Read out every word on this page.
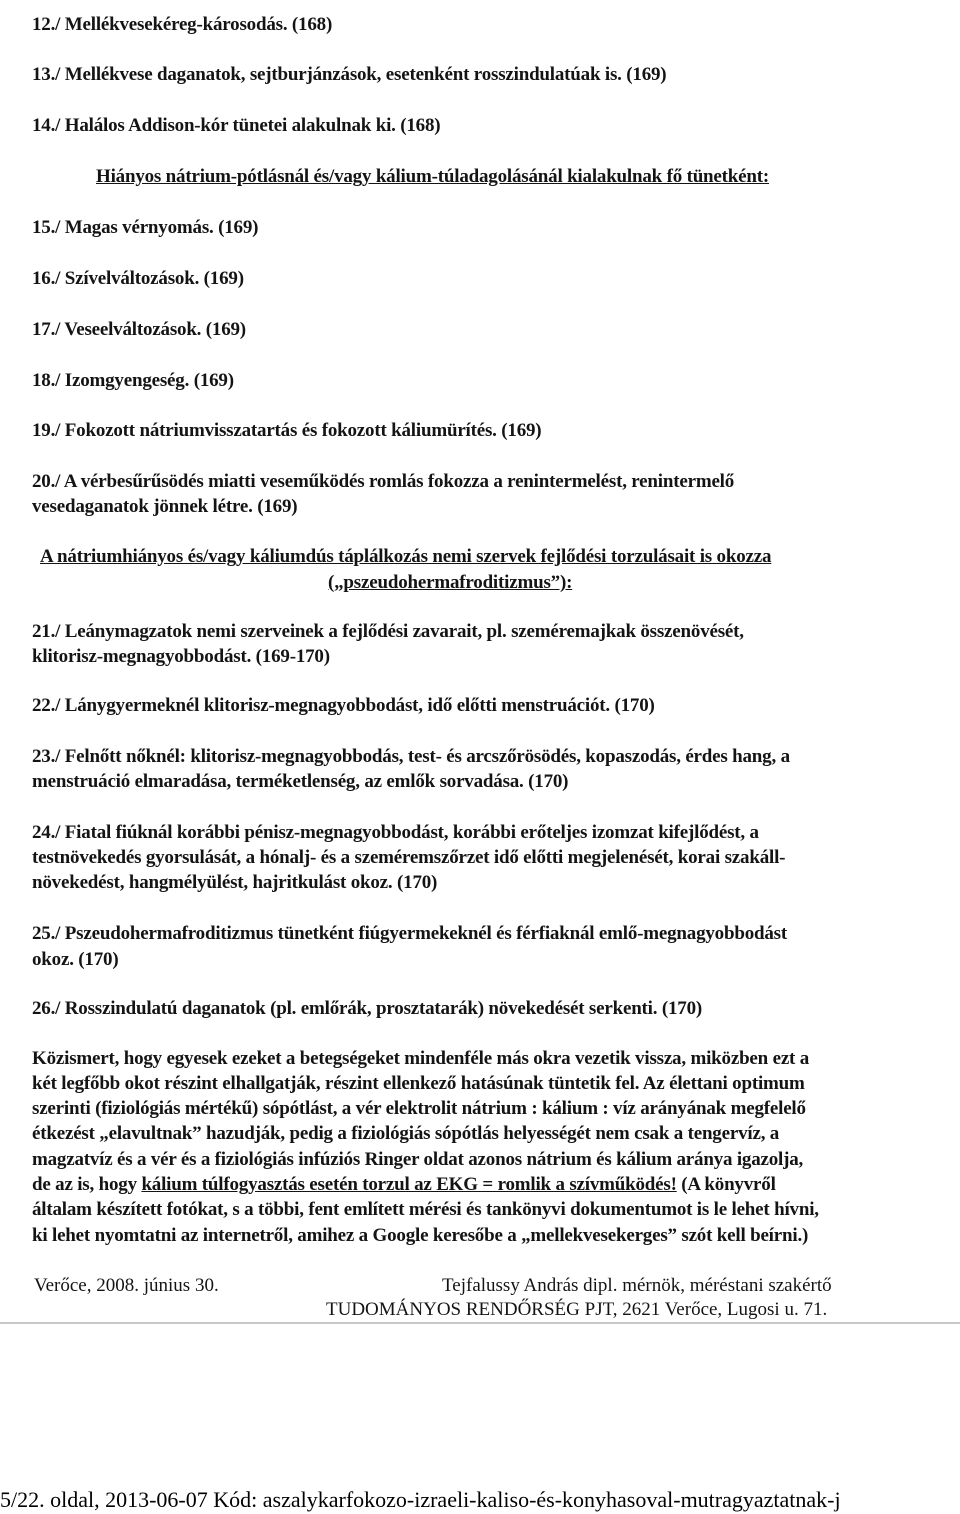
12./ Mellékvesekéreg-károsodás. (168)
13./ Mellékvese daganatok, sejtburjánzások, esetenként rosszindulatúak is. (169)
14./ Halálos Addison-kór tünetei alakulnak ki. (168)
Hiányos nátrium-pótlásnál és/vagy kálium-túladagolásánál kialakulnak fő tünetként:
15./ Magas vérnyomás. (169)
16./ Szívelváltozások. (169)
17./ Veseelváltozások. (169)
18./ Izomgyengeség. (169)
19./ Fokozott nátriumvisszatartás és fokozott káliumürítés. (169)
20./ A vérbesűrűsödés miatti veseműködés romlás fokozza a renintermelést, renintermelő
vesedaganatok jönnek létre. (169)
A nátriumhiányos és/vagy káliumdús táplálkozás nemi szervek fejlődési torzulásait is okozza
(„pszeudohermafroditizmus”):
21./ Leánymagzatok nemi szerveinek a fejlődési zavarait, pl. szeméremajkak összenövését,
klitorisz-megnagyobbodást. (169-170)
22./ Lánygyermeknél klitorisz-megnagyobbodást, idő előtti menstruációt. (170)
23./ Felnőtt nőknél: klitorisz-megnagyobbodás, test- és arcszőrösödés, kopaszodás, érdes hang, a
menstruáció elmaradása, terméketlenség, az emlők sorvadása. (170)
24./ Fiatal fiúknál korábbi pénisz-megnagyobbodást, korábbi erőteljes izomzat kifejlődést, a
testnövekedés gyorsulását, a hónalj- és a szeméremszőrzet idő előtti megjelenését, korai szakáll-
növekedést, hangmélyülést, hajritkulást okoz. (170)
25./ Pszeudohermafroditizmus tünetként fiúgyermekeknél és férfiaknál emlő-megnagyobbodást
okoz. (170)
26./ Rosszindulatú daganatok (pl. emlőrák, prosztatarák) növekedését serkenti. (170)
Közismert, hogy egyesek ezeket a betegségeket mindenféle más okra vezetik vissza, miközben ezt a
két legfőbb okot részint elhallgatják, részint ellenkező hatásúnak tüntetik fel. Az élettani optimum
szerinti (fiziológiás mértékű) sópótlást, a vér elektrolit nátrium : kálium : víz arányának megfelelő
étkezést „elavultnak” hazudják, pedig a fiziológiás sópótlás helyességét nem csak a tengervíz, a
magzatvíz és a vér és a fiziológiás infúziós Ringer oldat azonos nátrium és kálium aránya igazolja,
de az is, hogy kálium túlfogyasztás esetén torzul az EKG = romlik a szívműködés! (A könyvről
általam készített fotókat, s a többi, fent említett mérési és tankönyvi dokumentumot is le lehet hívni,
ki lehet nyomtatni az internetről, amihez a Google keresőbe a „mellekvesekerges” szót kell beírni.)
Verőce, 2008. június 30.	Tejfalussy András dipl. mérnök, méréstani szakértő
TUDOMÁNYOS RENDŐRSÉG PJT, 2621 Verőce, Lugosi u. 71.
5/22. oldal, 2013-06-07 Kód: aszalykarfokozo-izraeli-kaliso-és-konyhasoval-mutragyaztatnak-j
